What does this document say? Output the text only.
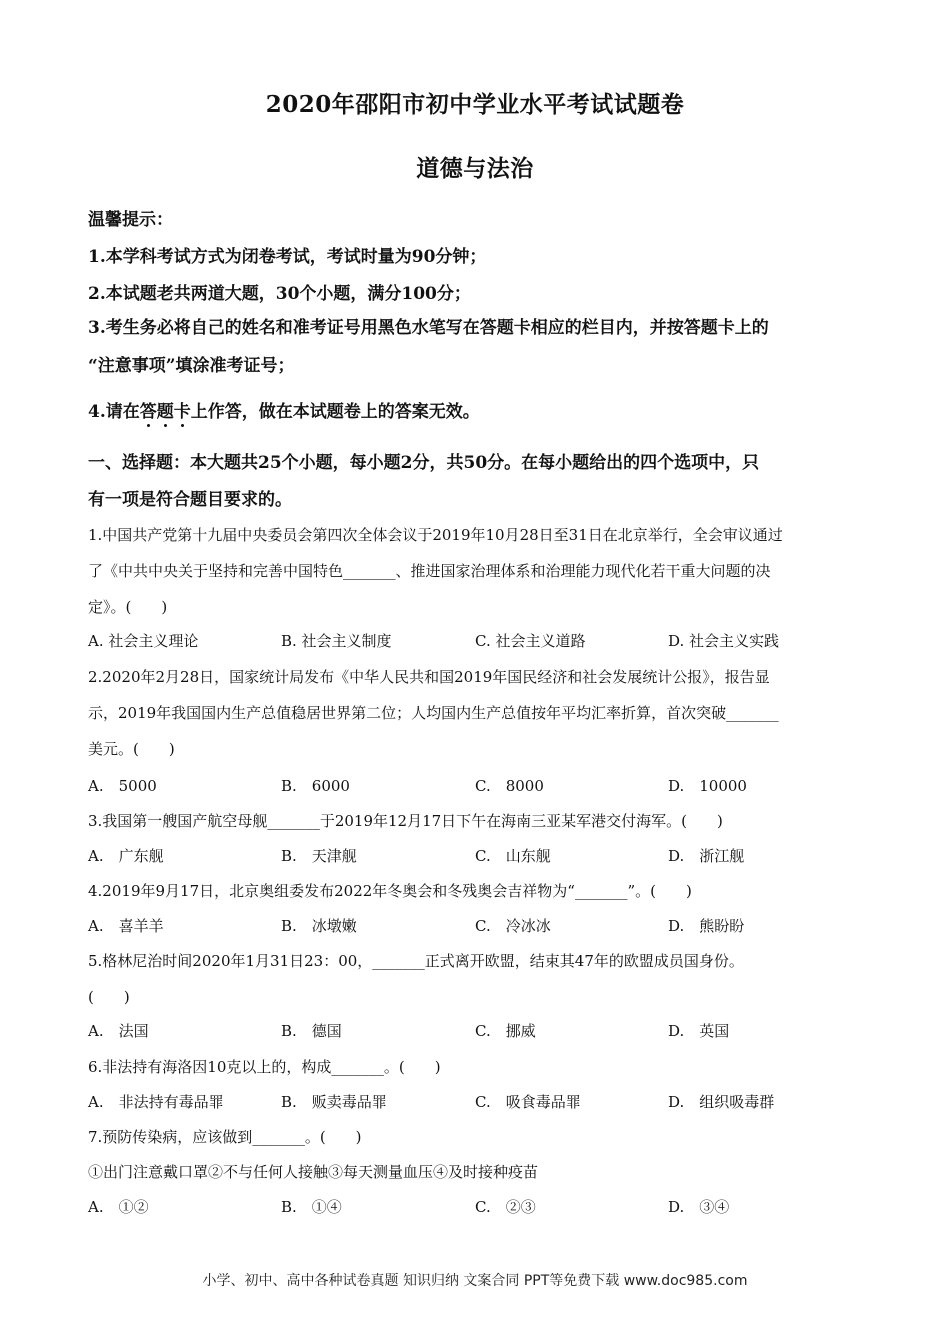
2020年邵阳市初中学业水平考试试题卷
道德与法治
温馨提示：
1.本学科考试方式为闭卷考试，考试时量为90分钟；
2.本试题老共两道大题，30个小题，满分100分；
3.考生务必将自己的姓名和准考证号用黑色水笔写在答题卡相应的栏目内，并按答题卡上的
“注意事项”填涂准考证号；
4.请在答题卡上作答，做在本试题卷上的答案无效。
一、选择题：本大题共25个小题，每小题2分，共50分。在每小题给出的四个选项中，只
有一项是符合题目要求的。
1.中国共产党第十九届中央委员会第四次全体会议于2019年10月28日至31日在北京举行，全会审议通过
了《中共中央关于坚持和完善中国特色_______、推进国家治理体系和治理能力现代化若干重大问题的决
定》。(　　)
A. 社会主义理论	B. 社会主义制度	C. 社会主义道路	D. 社会主义实践
2.2020年2月28日，国家统计局发布《中华人民共和国2019年国民经济和社会发展统计公报》，报告显
示，2019年我国国内生产总值稳居世界第二位；人均国内生产总值按年平均汇率折算，首次突破_______
美元。(　　)
A.　5000	B.　6000	C.　8000	D.　10000
3.我国第一艘国产航空母舰_______于2019年12月17日下午在海南三亚某军港交付海军。(　　)
A.　广东舰	B.　天津舰	C.　山东舰	D.　浙江舰
4.2019年9月17日，北京奥组委发布2022年冬奥会和冬残奥会吉祥物为“_______”。(　　)
A.　喜羊羊	B.　冰墩嫩	C.　冷冰冰	D.　熊盼盼
5.格林尼治时间2020年1月31日23：00，_______正式离开欧盟，结束其47年的欧盟成员国身份。
(　　)
A.　法国	B.　德国	C.　挪威	D.　英国
6.非法持有海洛因10克以上的，构成_______。(　　)
A.　非法持有毒品罪	B.　贩卖毒品罪	C.　吸食毒品罪	D.　组织吸毒群
7.预防传染病，应该做到_______。(　　)
①出门注意戴口罩②不与任何人接触③每天测量血压④及时接种疫苗
A.　①②	B.　①④	C.　②③	D.　③④
小学、初中、高中各种试卷真题 知识归纳 文案合同 PPT等免费下载 www.doc985.com
